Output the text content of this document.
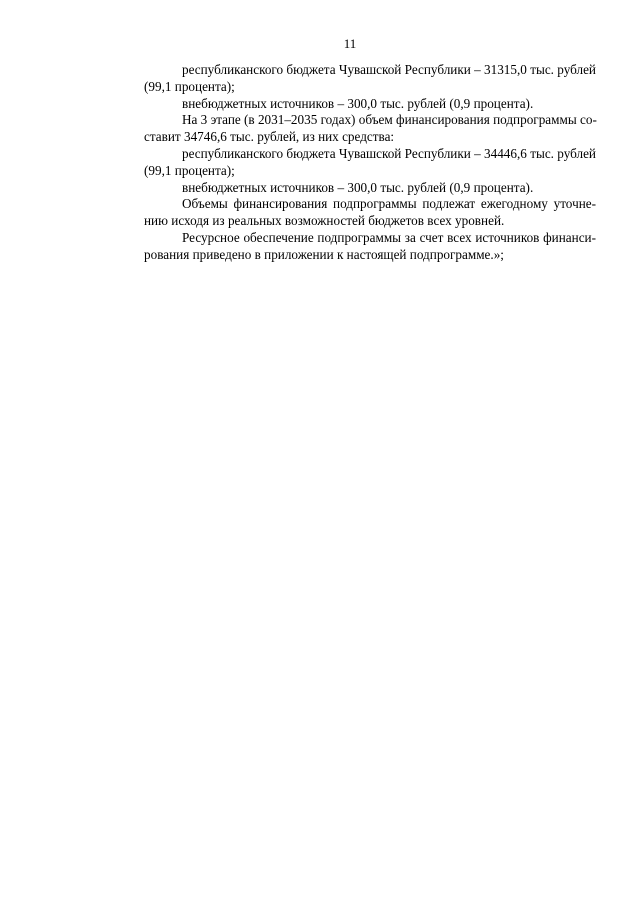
11
республиканского бюджета Чувашской Республики – 31315,0 тыс. рублей
(99,1 процента);
внебюджетных источников – 300,0 тыс. рублей (0,9 процента).
На 3 этапе (в 2031–2035 годах) объем финансирования подпрограммы со-
ставит 34746,6 тыс. рублей, из них средства:
республиканского бюджета Чувашской Республики – 34446,6 тыс. рублей
(99,1 процента);
внебюджетных источников – 300,0 тыс. рублей (0,9 процента).
Объемы финансирования подпрограммы подлежат ежегодному уточне-
нию исходя из реальных возможностей бюджетов всех уровней.
Ресурсное обеспечение подпрограммы за счет всех источников финанси-
рования приведено в приложении к настоящей подпрограмме.»;
